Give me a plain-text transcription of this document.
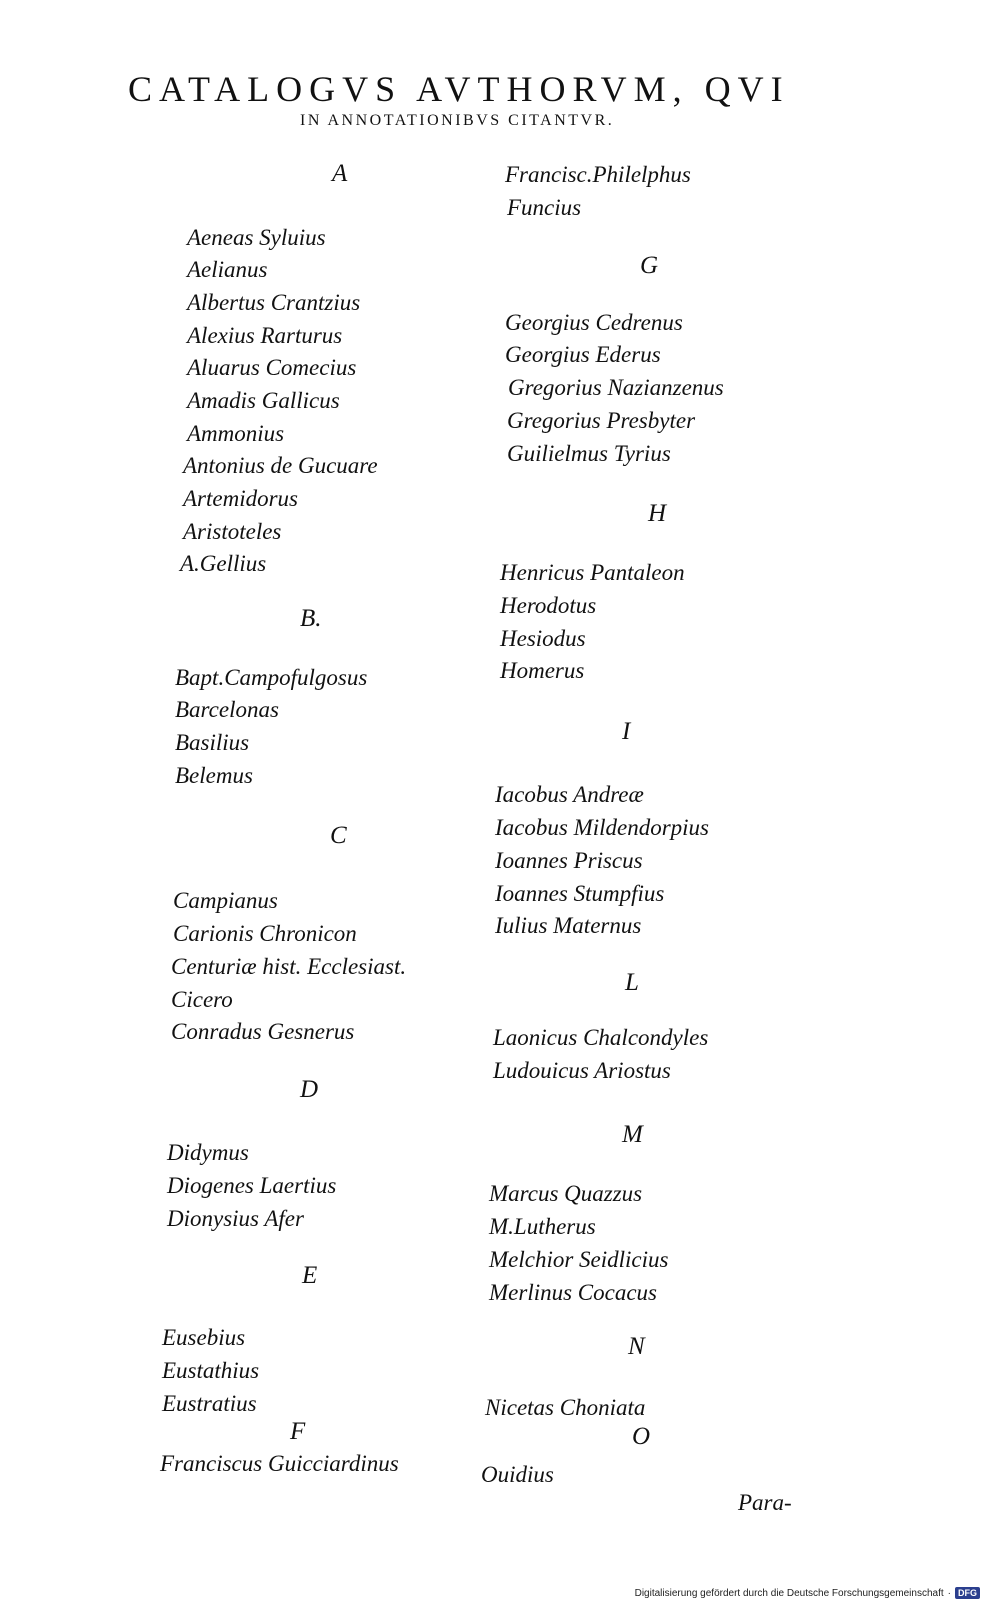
CATALOGVS AVTHORVM, QVI
IN ANNOTATIONIBVS CITANTVR.
A
Aeneas Syluius
Aelianus
Albertus Crantzius
Alexius Rarturus
Aluarus Comecius
Amadis Gallicus
Ammonius
Antonius de Gucuare
Artemidorus
Aristoteles
A.Gellius
B.
Bapt.Campofulgosus
Barcelonas
Basilius
Belemus
C
Campianus
Carionis Chronicon
Centuriæ hist. Ecclesiast.
Cicero
Conradus Gesnerus
D
Didymus
Diogenes Laertius
Dionysius Afer
E
Eusebius
Eustathius
Eustratius
F
Franciscus Guicciardinus
Francisc.Philelphus
Funcius
G
Georgius Cedrenus
Georgius Ederus
Gregorius Nazianzenus
Gregorius Presbyter
Guilielmus Tyrius
H
Henricus Pantaleon
Herodotus
Hesiodus
Homerus
I
Iacobus Andreæ
Iacobus Mildendorpius
Ioannes Priscus
Ioannes Stumpfius
Iulius Maternus
L
Laonicus Chalcondyles
Ludouicus Ariostus
M
Marcus Quazzus
M.Lutherus
Melchior Seidlicius
Merlinus Cocacus
N
Nicetas Choniata
O
Ouidius
Para-
Digitalisierung gefördert durch die Deutsche Forschungsgemeinschaft · DFG
